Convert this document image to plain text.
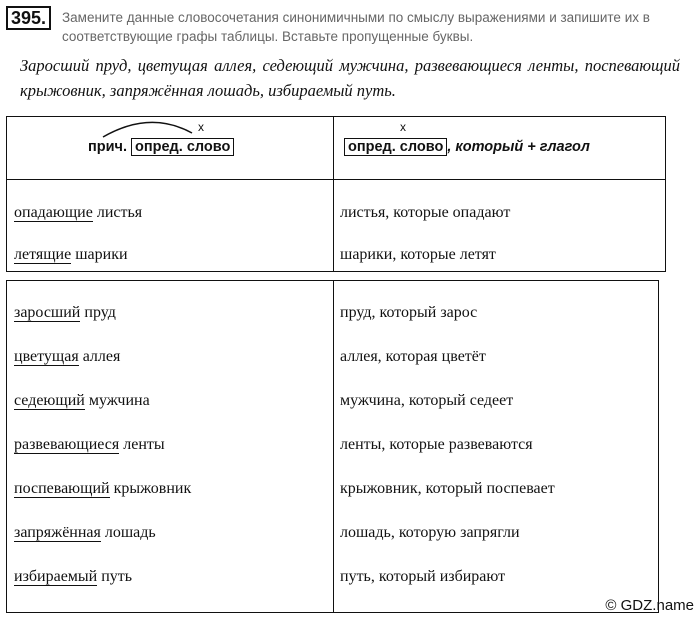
395.	Замените данные словосочетания синонимичными по смыслу выражениями и запишите их в соответствующие графы таблицы. Вставьте пропущенные буквы.
Заросший пруд, цветущая аллея, седеющий мужчина, развевающиеся ленты, поспевающий крыжовник, запряжённая лошадь, избираемый путь.
x	x
прич. опред. слово	опред. слово , который + глагол
опадающие листья	листья, которые опадают
летящие шарики	шарики, которые летят
заросший пруд	пруд, который зарос
цветущая аллея	аллея, которая цветёт
седеющий мужчина	мужчина, который седеет
развевающиеся ленты	ленты, которые развеваются
поспевающий крыжовник	крыжовник, который поспевает
запряжённая лошадь	лошадь, которую запрягли
избираемый путь	путь, который избирают
© GDZ.name
